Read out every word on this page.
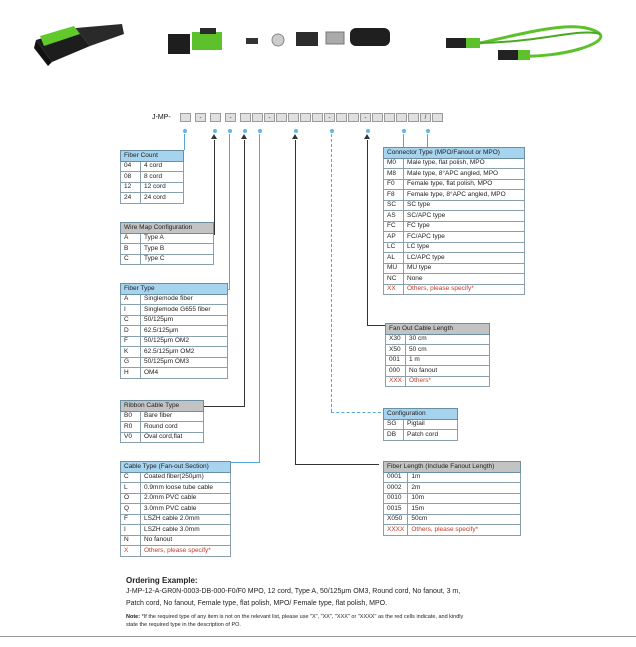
J-MP-	-	-	-	-	-	/
Fiber Count	
04	4 cord
08	8 cord
12	12 cord
24	24 cord
Wire Map Configuration	
A	Type A
B	Type B
C	Type C
Fiber Type	
A	Singlemode fiber
I	Singlemode G655 fiber
C	50/125μm
D	62.5/125μm
F	50/125μm OM2
K	62.5/125μm OM2
G	50/125μm OM3
H	OM4
Ribbon Cable Type	
B0	Bare fiber
R0	Round cord
V0	Oval cord,flat
Cable Type (Fan-out Section)	
C	Coated fiber(250μm)
L	0.9mm loose tube cable
O	2.0mm PVC cable
Q	3.0mm PVC cable
F	LSZH cable 2.0mm
I	LSZH cable 3.0mm
N	No fanout
X	Others, please specify*
Connector Type (MPO/Fanout or MPO)	
M0	Male type, flat polish, MPO
M8	Male type, 8°APC angled, MPO
F0	Female type, flat polish, MPO
F8	Female type, 8°APC angled, MPO
SC	SC type
AS	SC/APC type
FC	FC type
AP	FC/APC type
LC	LC type
AL	LC/APC type
MU	MU type
NC	None
XX	Others, please specify*
Fan Out Cable Length	
X30	30 cm
X50	50 cm
001	1 m
000	No fanout
XXX	Others*
Configuration	
SG	Pigtail
DB	Patch cord
Fiber Length (Include Fanout Length)	
0001	1m
0002	2m
0010	10m
0015	15m
X050	50cm
XXXX	Others, please specify*
Ordering Example:
J-MP-12-A-GR0N-0003-DB-000-F0/F0 MPO, 12 cord, Type A, 50/125μm OM3, Round cord, No fanout, 3 m,
Patch cord, No fanout, Female type, flat polish, MPO/ Female type, flat polish, MPO.
Note: *If the required type of any item is not on the relevant list, please use "X", "XX", "XXX" or "XXXX" as the red cells indicate, and kindly
state the required type in the description of PO.
